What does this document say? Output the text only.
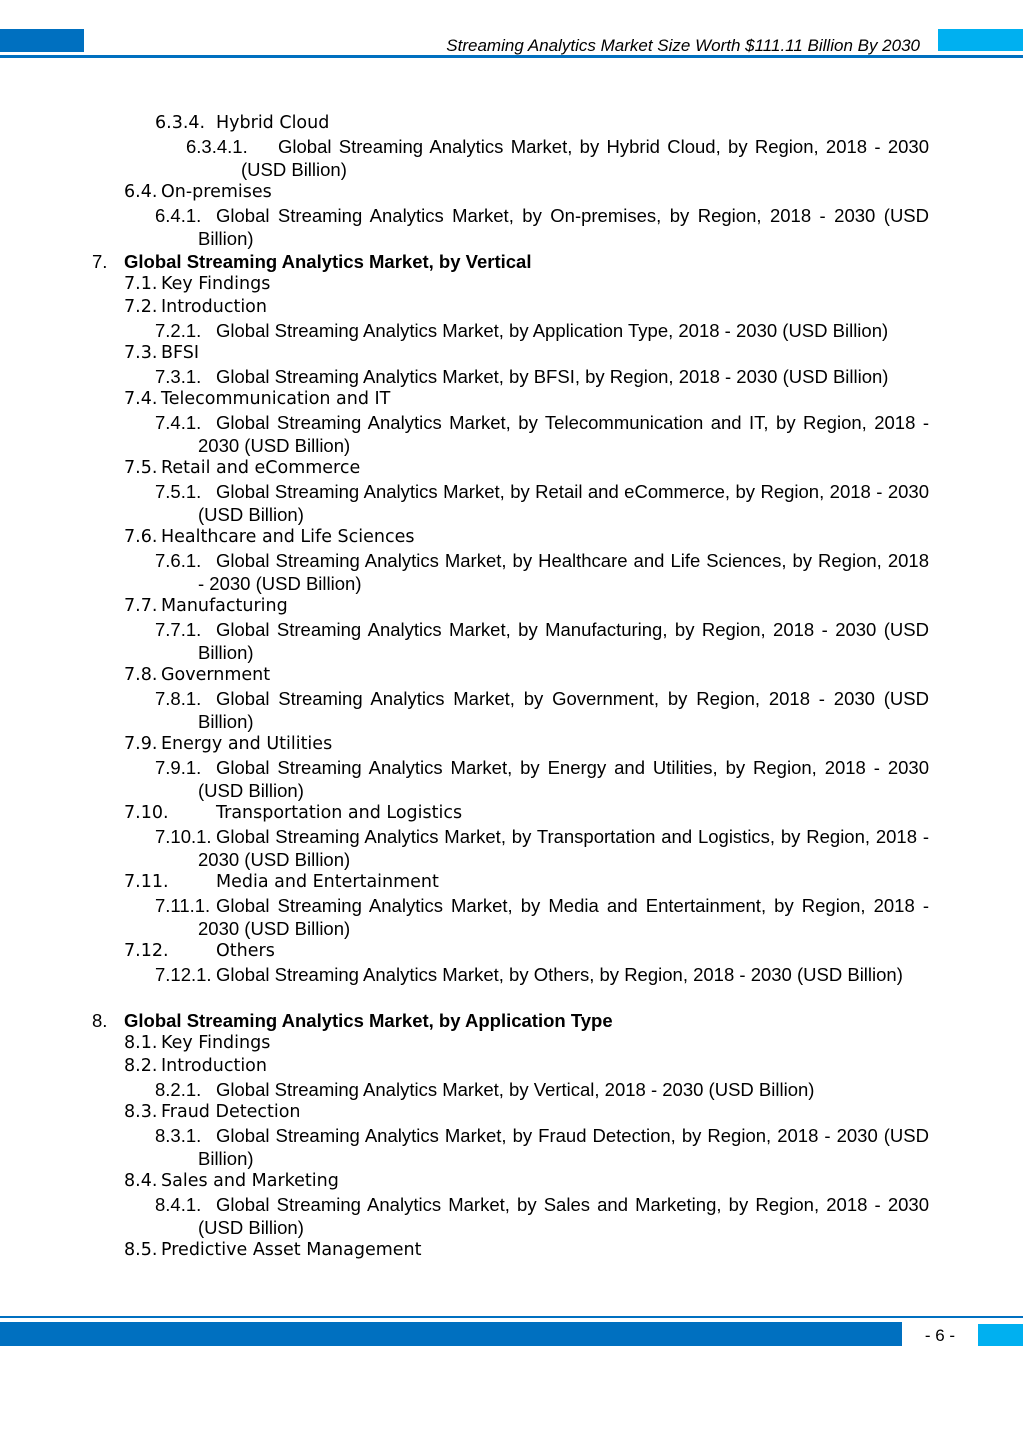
Streaming Analytics Market Size Worth $111.11 Billion By 2030
6.3.4. Hybrid Cloud
6.3.4.1.	Global Streaming Analytics Market, by Hybrid Cloud, by Region, 2018 - 2030 (USD Billion)
6.4. On-premises
6.4.1. Global Streaming Analytics Market, by On-premises, by Region, 2018 - 2030 (USD Billion)
7. Global Streaming Analytics Market, by Vertical
7.1. Key Findings
7.2. Introduction
7.2.1. Global Streaming Analytics Market, by Application Type, 2018 - 2030 (USD Billion)
7.3. BFSI
7.3.1. Global Streaming Analytics Market, by BFSI, by Region, 2018 - 2030 (USD Billion)
7.4. Telecommunication and IT
7.4.1. Global Streaming Analytics Market, by Telecommunication and IT, by Region, 2018 - 2030 (USD Billion)
7.5. Retail and eCommerce
7.5.1. Global Streaming Analytics Market, by Retail and eCommerce, by Region, 2018 - 2030 (USD Billion)
7.6. Healthcare and Life Sciences
7.6.1. Global Streaming Analytics Market, by Healthcare and Life Sciences, by Region, 2018 - 2030 (USD Billion)
7.7. Manufacturing
7.7.1. Global Streaming Analytics Market, by Manufacturing, by Region, 2018 - 2030 (USD Billion)
7.8. Government
7.8.1. Global Streaming Analytics Market, by Government, by Region, 2018 - 2030 (USD Billion)
7.9. Energy and Utilities
7.9.1. Global Streaming Analytics Market, by Energy and Utilities, by Region, 2018 - 2030 (USD Billion)
7.10.	Transportation and Logistics
7.10.1. Global Streaming Analytics Market, by Transportation and Logistics, by Region, 2018 - 2030 (USD Billion)
7.11.	Media and Entertainment
7.11.1. Global Streaming Analytics Market, by Media and Entertainment, by Region, 2018 - 2030 (USD Billion)
7.12.	Others
7.12.1. Global Streaming Analytics Market, by Others, by Region, 2018 - 2030 (USD Billion)
8. Global Streaming Analytics Market, by Application Type
8.1. Key Findings
8.2. Introduction
8.2.1. Global Streaming Analytics Market, by Vertical, 2018 - 2030 (USD Billion)
8.3. Fraud Detection
8.3.1. Global Streaming Analytics Market, by Fraud Detection, by Region, 2018 - 2030 (USD Billion)
8.4. Sales and Marketing
8.4.1. Global Streaming Analytics Market, by Sales and Marketing, by Region, 2018 - 2030 (USD Billion)
8.5. Predictive Asset Management
- 6 -
